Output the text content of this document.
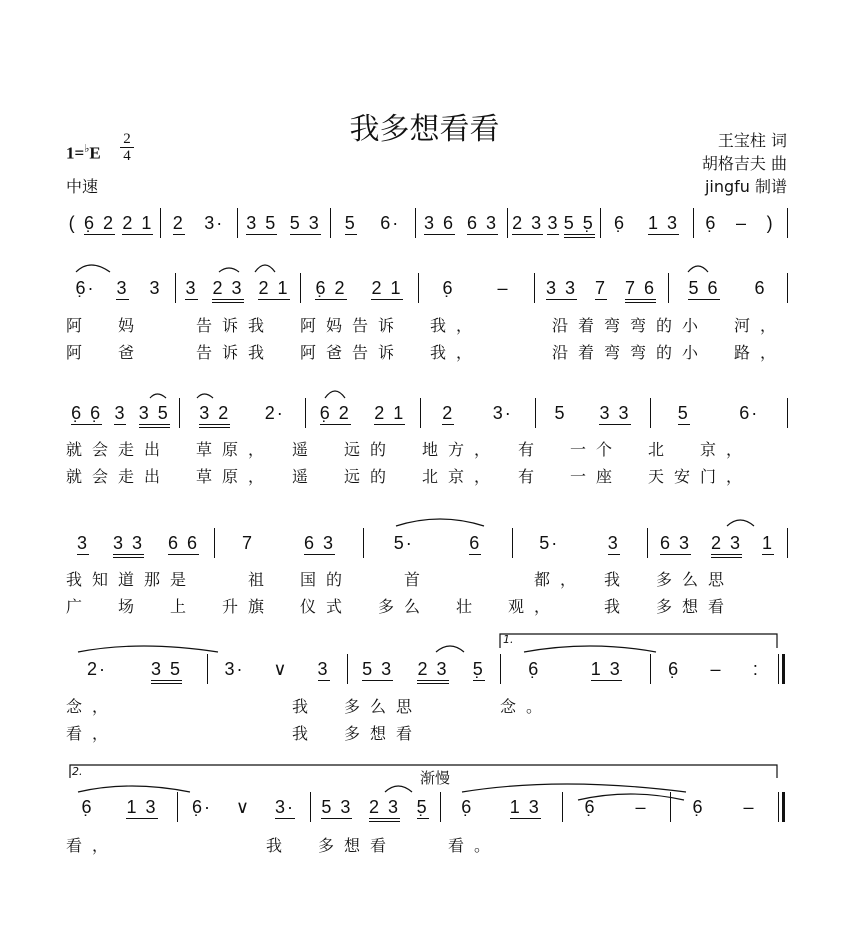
我多想看看
1=♭E
2
4
中速
王宝柱 词
胡格吉夫 曲
jingfu 制谱
( 6̣ 2 2 1 2 3· 3 5 5 3 5 6· 3 6 6 3 2 3 3 5 5̣ 6̣ 1 3 6̣ – )
6̣· 3 3 3 2 3 2 1 6̣ 2 2 1 6̣ – 3 3 7 7 6 5 6 6
阿　妈　　告诉我　阿妈告诉　我，　　　沿着弯弯的小　河，
阿　爸　　告诉我　阿爸告诉　我，　　　沿着弯弯的小　路，
6̣ 6̣ 3 3 5 3 2 2· 6̣ 2 2 1 2 3· 5 3 3	5	6·
就会走出　草原，　遥　远的　地方，　有　一个　北　京，
就会走出　草原，　遥　远的　北京，　有　一座　天安门，
3 3 3 6 6 7	6 3	5·	6	5·	3 6 3 2 3 1
我知道那是　　祖　国的　　首　　　　都，　我　多么思
广　场　上　升旗　仪式　多么　壮　观，　　我　多想看
2· 3 5 3· ∨ 3 5 3 2 3 5̣ 6̣	1 3	6̣ – :
念，　　　　　　　我　多么思　　　念。
看，　　　　　　　我　多想看
6̣ 1 3 6̣· ∨ 3· 5 3 2 3 5̣ 6̣ 1 3 6̣ – 6̣ –
看，　　　　　　我　多想看　　看。
1.
2.	渐慢
